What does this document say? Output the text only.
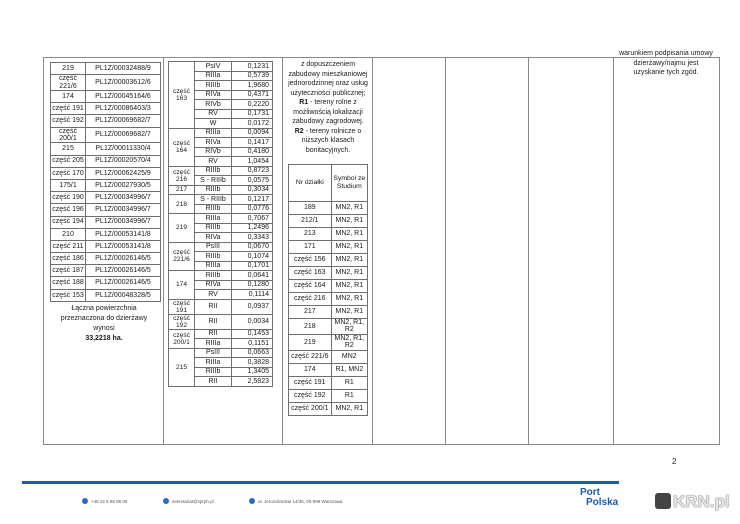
219	PL1Z/00032488/9
część 221/6	PL1Z/00003612/6
174	PL1Z/00045164/6
część 191	PL1Z/00086403/3
część 192	PL1Z/00069682/7
część 200/1	PL1Z/00069682/7
215	PL1Z/00011330/4
część 205	PL1Z/00020570/4
część 170	PL1Z/00062425/9
175/1	PL1Z/00027930/5
część 190	PL1Z/00034996/7
część 196	PL1Z/00034996/7
część 194	PL1Z/00034996/7
210	PL1Z/00053141/8
część 211	PL1Z/00053141/8
część 186	PL1Z/00026146/5
część 187	PL1Z/00026146/5
część 188	PL1Z/00026146/5
część 153	PL1Z/00048328/5
Łączna powierzchnia przeznaczona do dzierżawy wynosi
33,2218 ha.
część 163	PsIV	0,1231
	RIIIa	0,5739
	RIIIb	1,9680
	RIVa	0,4371
	RIVb	0,2220
	RV	0,1731
	W	0,0172
część 164	RIIIa	0,0094
	RIVa	0,1417
	RIVb	0,4180
	RV	1,0454
część 216	RIIIb	0,8723
	S - RIIIb	0,0575
217	RIIIb	0,3034
218	S - RIIIb	0,1217
	RIIIb	0,0776
219	RIIIa	0,7067
	RIIIb	1,2496
	RIVa	0,3343
część 221/6	PsIII	0,0670
	RIIIb	0,1074
	RIIIa	0,1701
174	RIIIb	0,0641
	RIVa	0,1280
	RV	0,1114
część 191	RII	0,0937
część 192	RII	0,0034
część 200/1	RII	0,1453
	RIIIa	0,1151
215	PsIII	0,0663
	RIIIa	0,3828
	RIIIb	1,3405
	RII	2,5823
z dopuszczeniem zabudowy mieszkaniowej jednorodzinnej oraz usług użyteczności publicznej; R1 - tereny rolne z możliwością lokalizacji zabudowy zagrodowej. R2 - tereny rolnicze o niższych klasach bonitacyjnych.
Nr działki	Symbol ze Studium
189	MN2, R1
212/1	MN2, R1
213	MN2, R1
171	MN2, R1
część 156	MN2, R1
część 163	MN2, R1
część 164	MN2, R1
część 216	MN2, R1
217	MN2, R1
218	MN2, R1, R2
219	MN2, R1, R2
część 221/6	MN2
174	R1, MN2
część 191	R1
część 192	R1
część 200/1	MN2, R1
warunkiem podpisania umowy dzierżawy/najmu jest uzyskanie tych zgód.
2
+48 22 5 88 88 09	sekretariat@sprph.pl	ul. Jerozolimskie 14/36, 00-999 Warszawa
Port
Polska	KRN.pl
